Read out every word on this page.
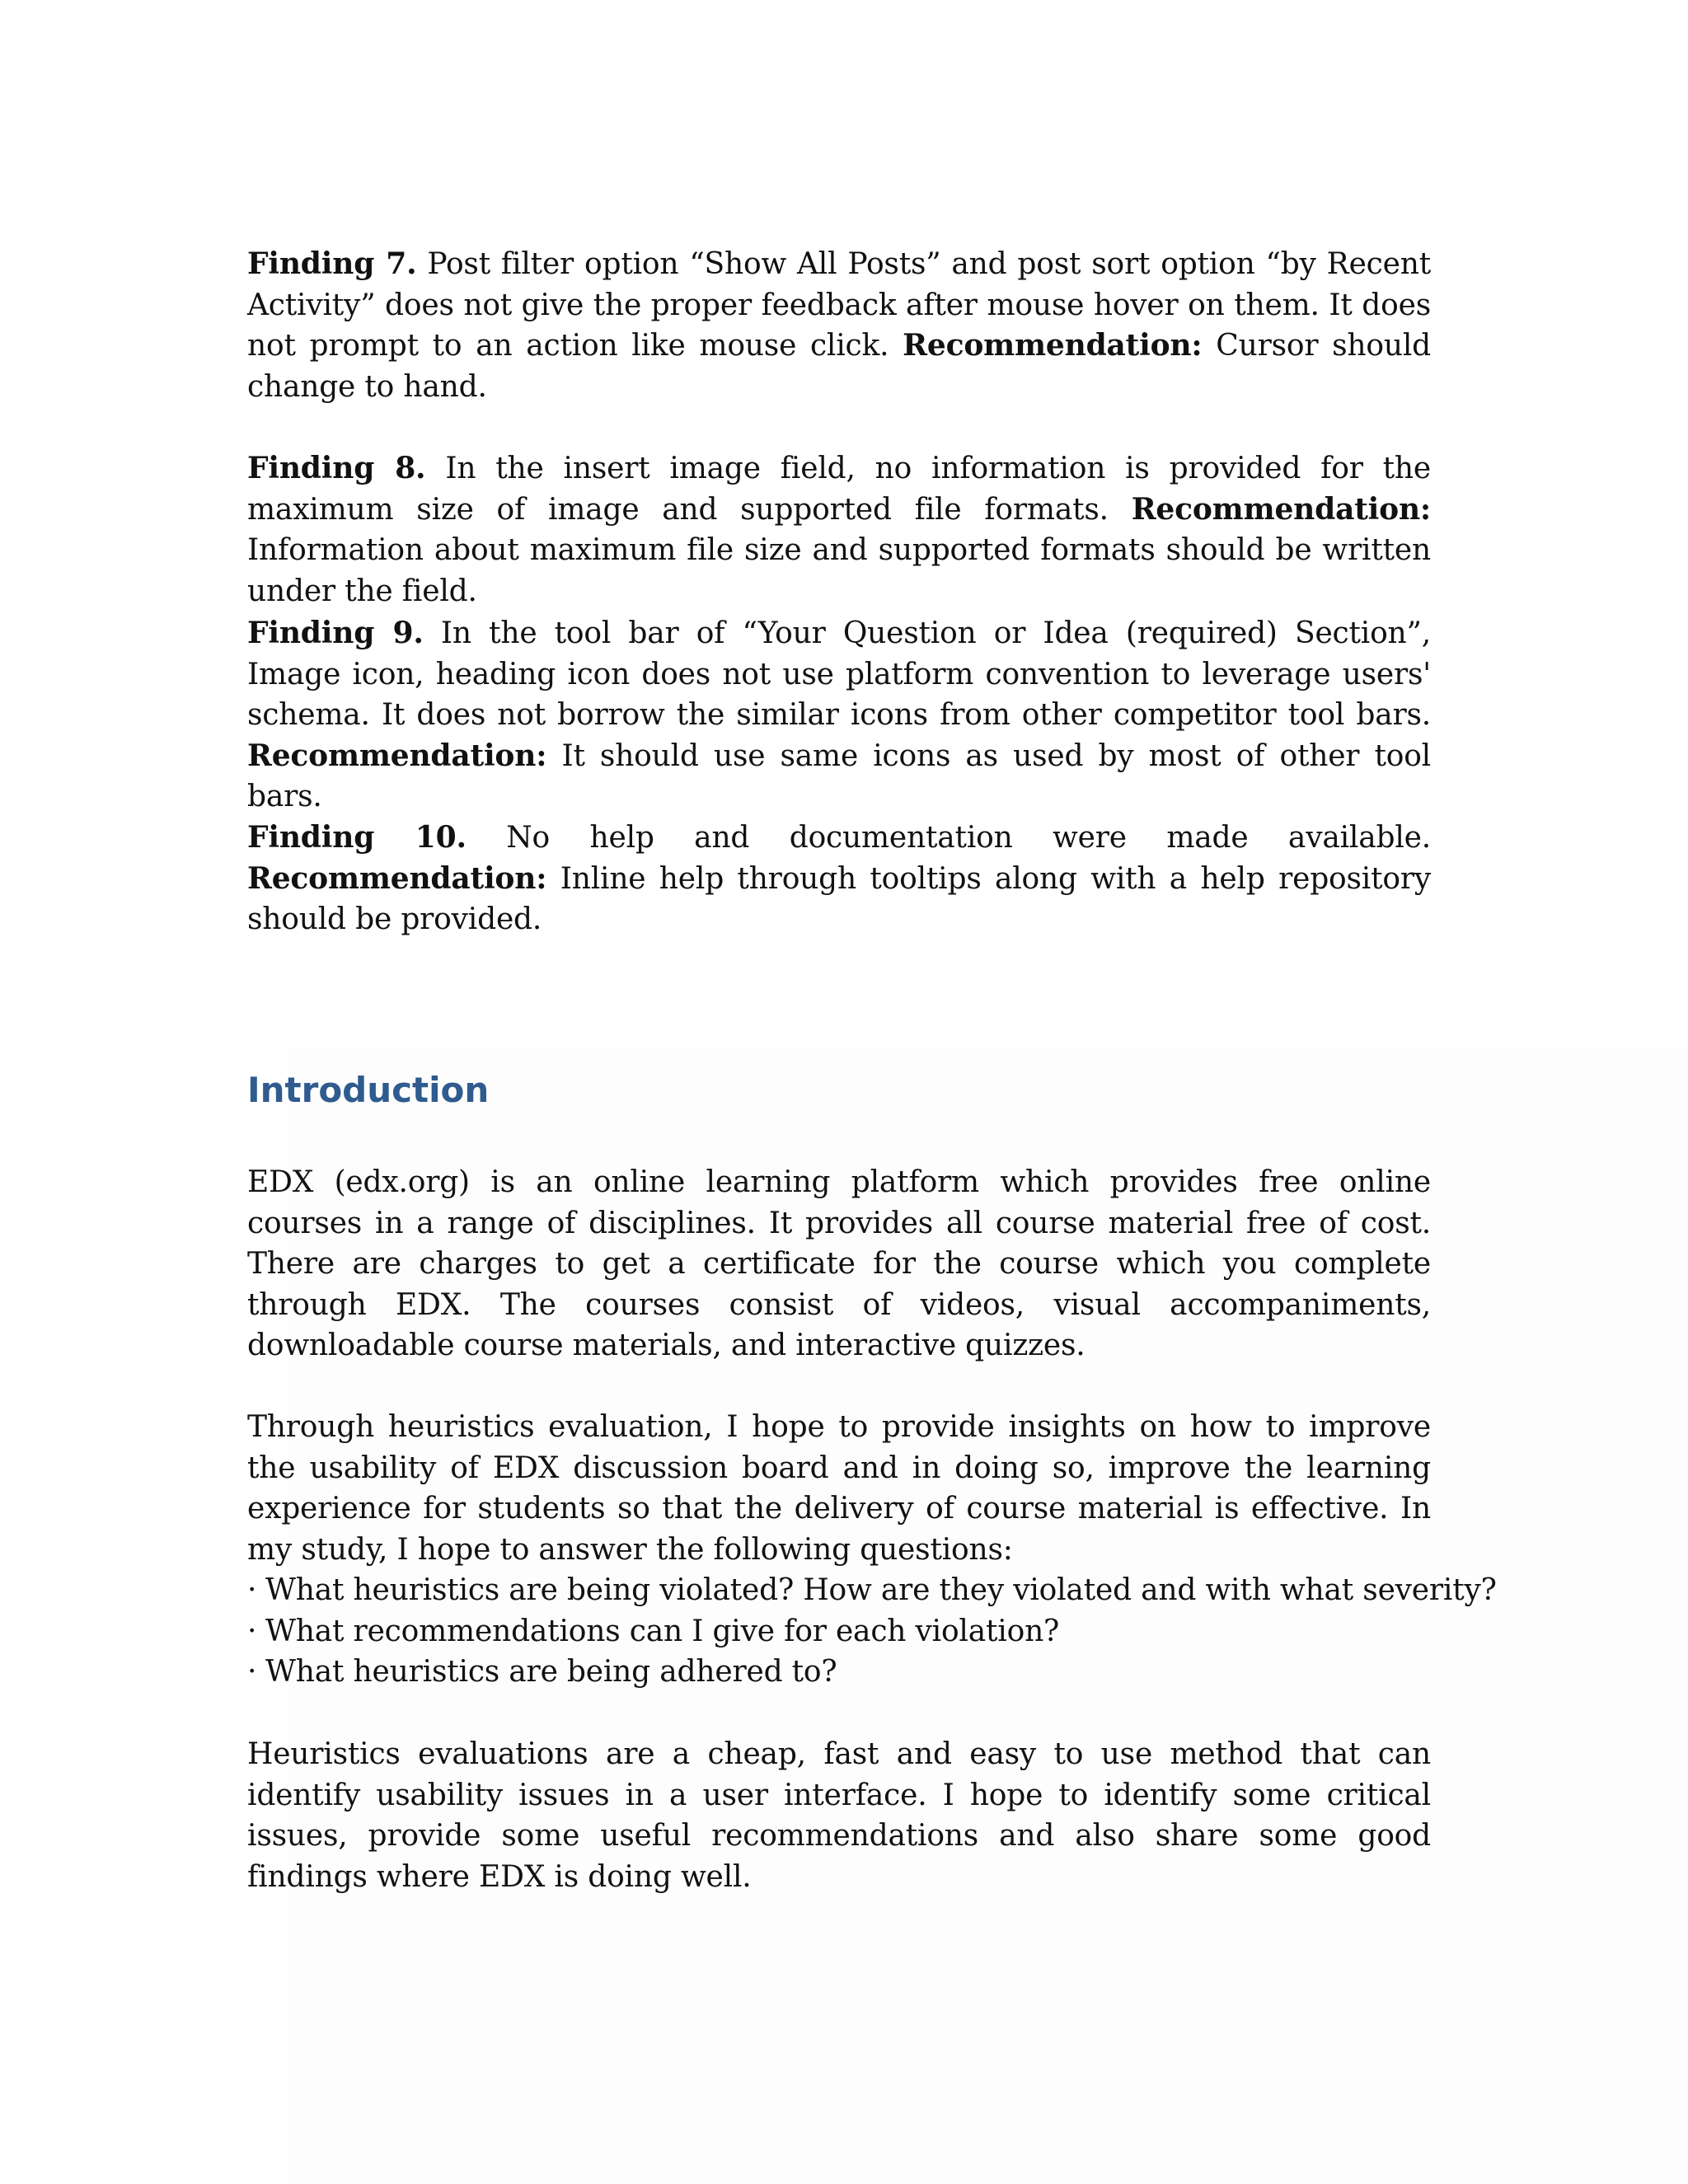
Finding 7. Post filter option “Show All Posts” and post sort option “by Recent Activity” does not give the proper feedback after mouse hover on them. It does not prompt to an action like mouse click. Recommendation: Cursor should change to hand.

Finding 8. In the insert image field, no information is provided for the maximum size of image and supported file formats. Recommendation: Information about maximum file size and supported formats should be written under the field.

Finding 9. In the tool bar of “Your Question or Idea (required) Section”, Image icon, heading icon does not use platform convention to leverage users' schema. It does not borrow the similar icons from other competitor tool bars. Recommendation: It should use same icons as used by most of other tool bars.

Finding 10. No help and documentation were made available. Recommendation: Inline help through tooltips along with a help repository should be provided.

Introduction

EDX (edx.org) is an online learning platform which provides free online courses in a range of disciplines. It provides all course material free of cost. There are charges to get a certificate for the course which you complete through EDX. The courses consist of videos, visual accompaniments, downloadable course materials, and interactive quizzes.

Through heuristics evaluation, I hope to provide insights on how to improve the usability of EDX discussion board and in doing so, improve the learning experience for students so that the delivery of course material is effective. In my study, I hope to answer the following questions:

· What heuristics are being violated? How are they violated and with what severity?
· What recommendations can I give for each violation?
· What heuristics are being adhered to?

Heuristics evaluations are a cheap, fast and easy to use method that can identify usability issues in a user interface. I hope to identify some critical issues, provide some useful recommendations and also share some good findings where EDX is doing well.
